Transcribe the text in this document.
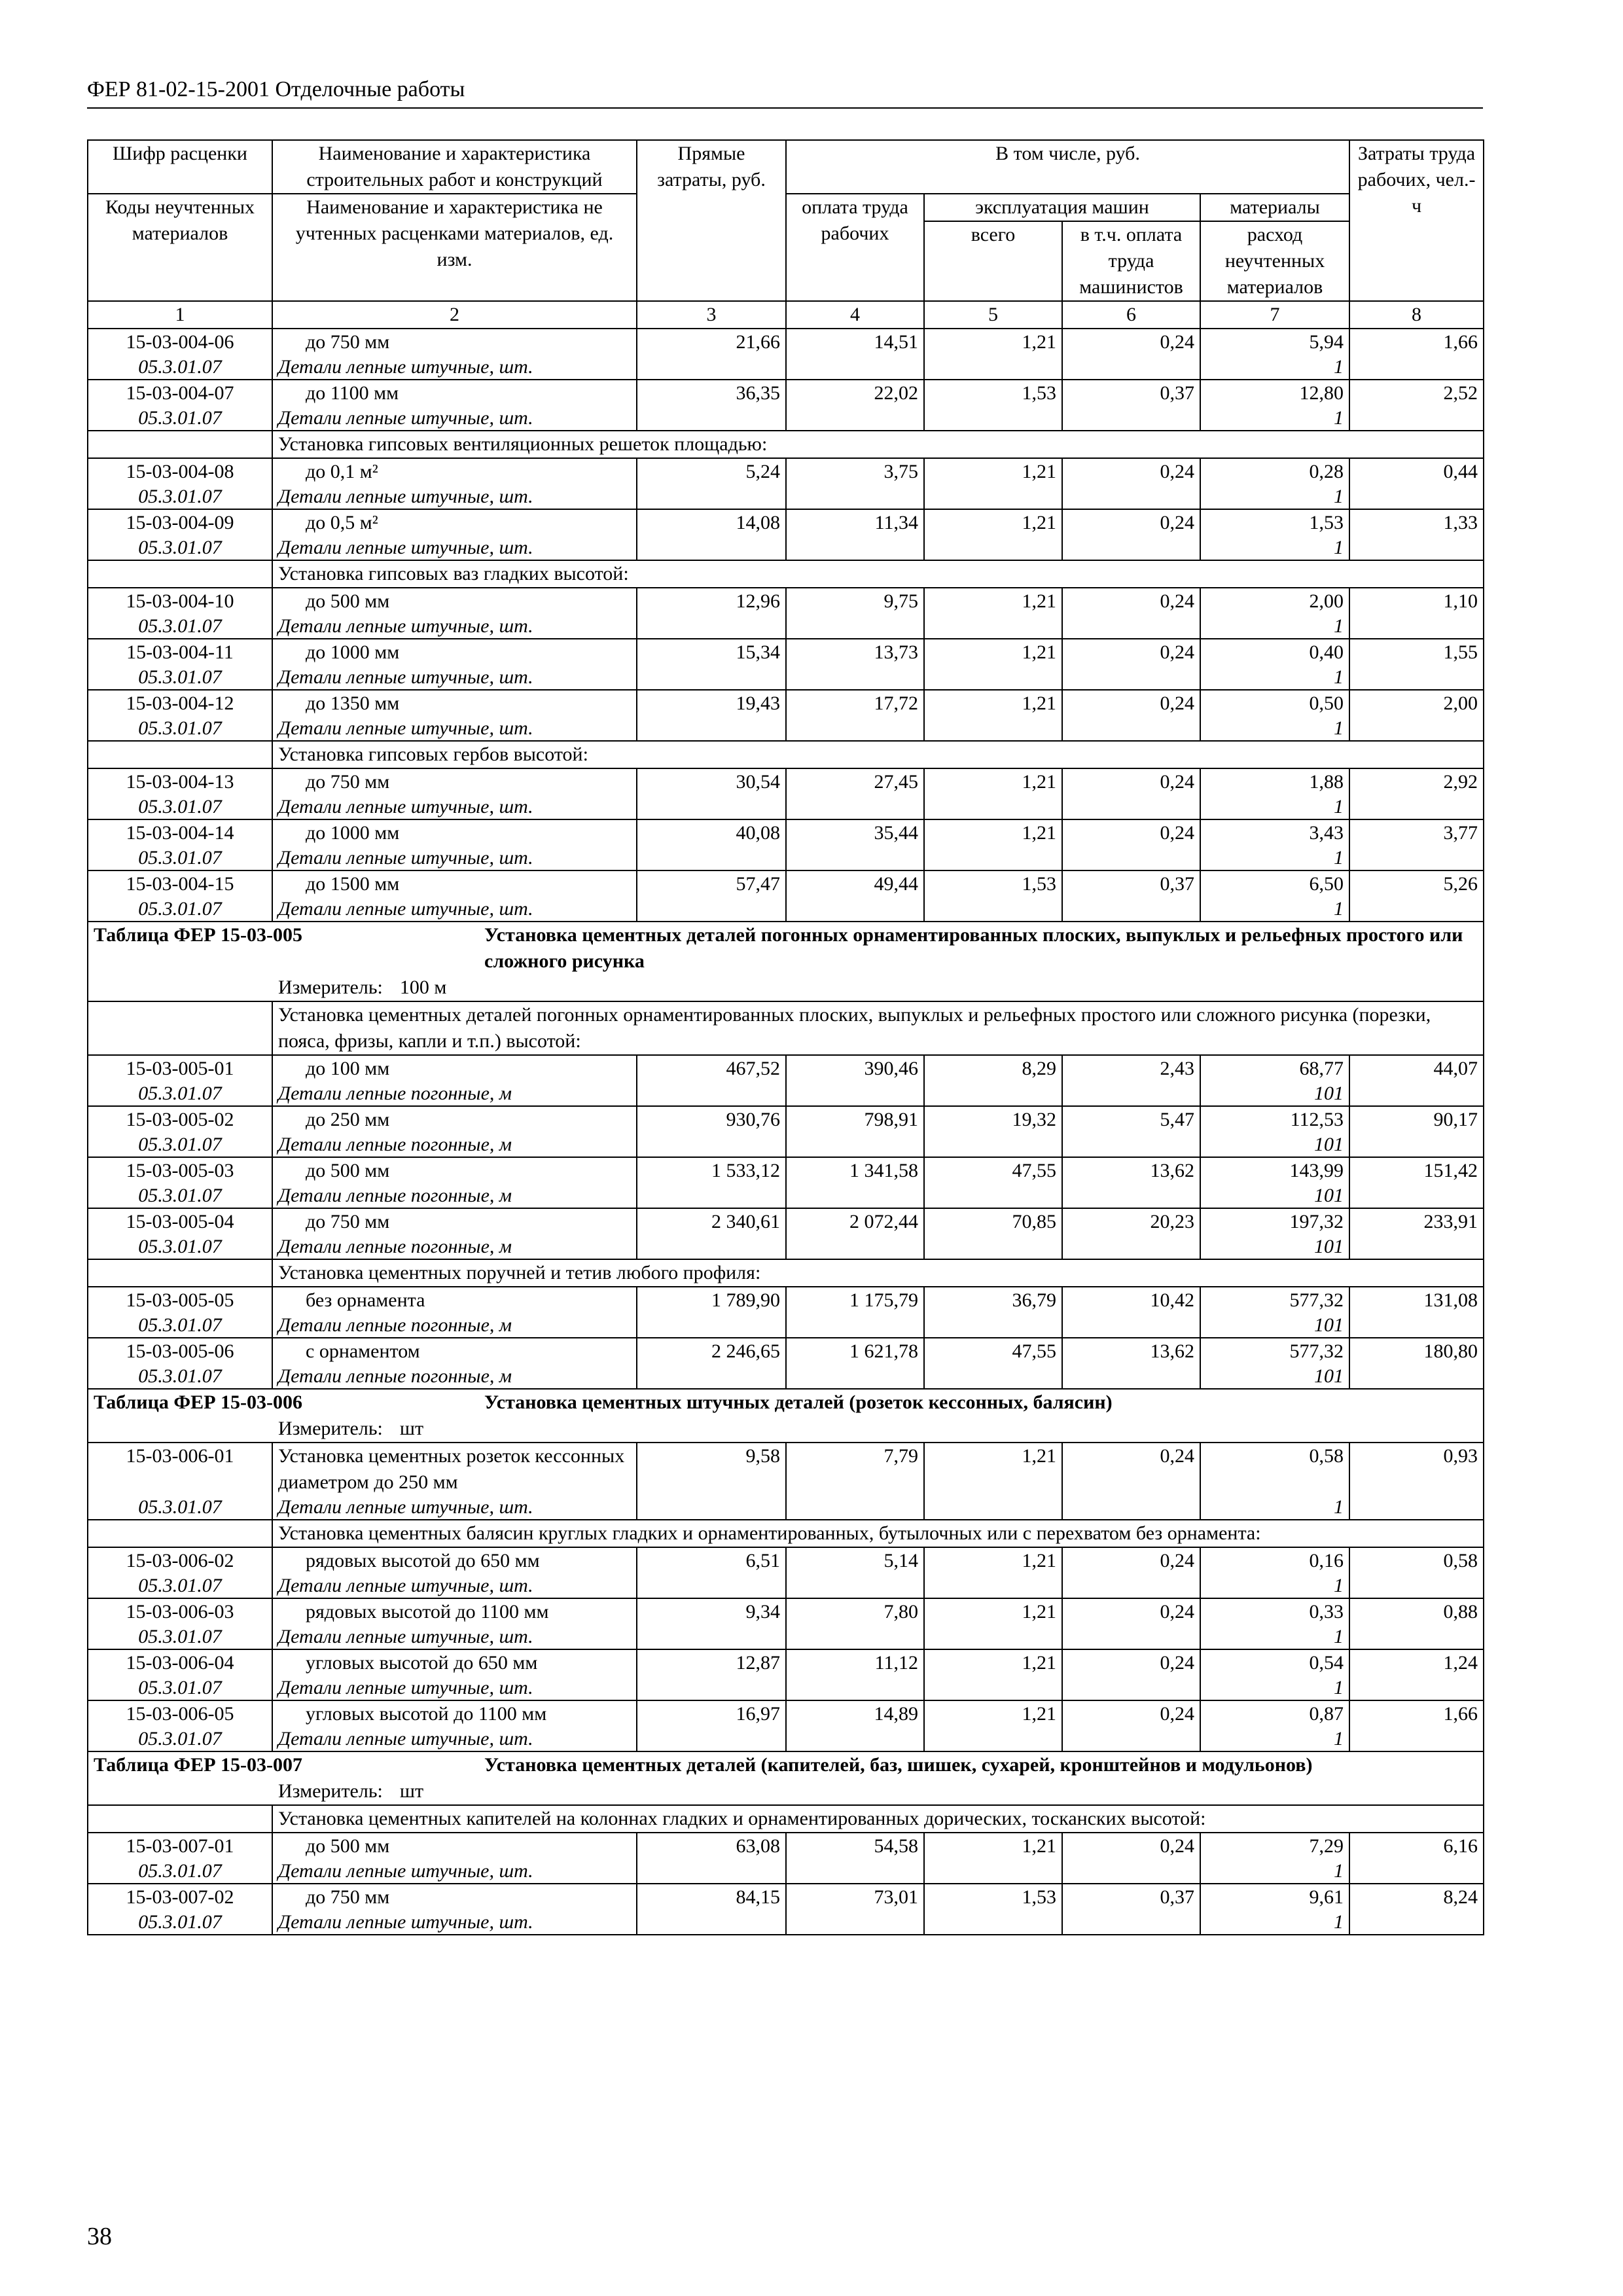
ФЕР 81-02-15-2001 Отделочные работы
Шифр расценки	Наименование и характеристика строительных работ и конструкций	Прямые затраты, руб.	В том числе, руб.				Затраты труда рабочих, чел.-ч
Коды неучтенных материалов	Наименование и характеристика не учтенных расценками материалов, ед. изм.		оплата труда рабочих	эксплуатация машин		материалы	
				всего	в т.ч. оплата труда машинистов	расход неучтенных материалов	

1	2	3	4	5	6	7	8
15-03-004-06	до 750 мм	21,66	14,51	1,21	0,24	5,94	1,66
05.3.01.07	Детали лепные штучные, шт.					1	
15-03-004-07	до 1100 мм	36,35	22,02	1,53	0,37	12,80	2,52
05.3.01.07	Детали лепные штучные, шт.					1	
	Установка гипсовых вентиляционных решеток площадью:						
15-03-004-08	до 0,1 м²	5,24	3,75	1,21	0,24	0,28	0,44
05.3.01.07	Детали лепные штучные, шт.					1	
15-03-004-09	до 0,5 м²	14,08	11,34	1,21	0,24	1,53	1,33
05.3.01.07	Детали лепные штучные, шт.					1	
	Установка гипсовых ваз гладких высотой:						
15-03-004-10	до 500 мм	12,96	9,75	1,21	0,24	2,00	1,10
05.3.01.07	Детали лепные штучные, шт.					1	
15-03-004-11	до 1000 мм	15,34	13,73	1,21	0,24	0,40	1,55
05.3.01.07	Детали лепные штучные, шт.					1	
15-03-004-12	до 1350 мм	19,43	17,72	1,21	0,24	0,50	2,00
05.3.01.07	Детали лепные штучные, шт.					1	
	Установка гипсовых гербов высотой:						
15-03-004-13	до 750 мм	30,54	27,45	1,21	0,24	1,88	2,92
05.3.01.07	Детали лепные штучные, шт.					1	
15-03-004-14	до 1000 мм	40,08	35,44	1,21	0,24	3,43	3,77
05.3.01.07	Детали лепные штучные, шт.					1	
15-03-004-15	до 1500 мм	57,47	49,44	1,53	0,37	6,50	5,26
05.3.01.07	Детали лепные штучные, шт.					1	
Таблица ФЕР 15-03-005 Установка цементных деталей погонных орнаментированных плоских, выпуклых и рельефных простого или сложного рисунка							
Измеритель: 100 м							
	Установка цементных деталей погонных орнаментированных плоских, выпуклых и рельефных простого или сложного рисунка (порезки, пояса, фризы, капли и т.п.) высотой:						
15-03-005-01	до 100 мм	467,52	390,46	8,29	2,43	68,77	44,07
05.3.01.07	Детали лепные погонные, м					101	
15-03-005-02	до 250 мм	930,76	798,91	19,32	5,47	112,53	90,17
05.3.01.07	Детали лепные погонные, м					101	
15-03-005-03	до 500 мм	1 533,12	1 341,58	47,55	13,62	143,99	151,42
05.3.01.07	Детали лепные погонные, м					101	
15-03-005-04	до 750 мм	2 340,61	2 072,44	70,85	20,23	197,32	233,91
05.3.01.07	Детали лепные погонные, м					101	
	Установка цементных поручней и тетив любого профиля:						
15-03-005-05	без орнамента	1 789,90	1 175,79	36,79	10,42	577,32	131,08
05.3.01.07	Детали лепные погонные, м					101	
15-03-005-06	с орнаментом	2 246,65	1 621,78	47,55	13,62	577,32	180,80
05.3.01.07	Детали лепные погонные, м					101	
Таблица ФЕР 15-03-006 Установка цементных штучных деталей (розеток кессонных, балясин)							
Измеритель: шт							
15-03-006-01	Установка цементных розеток кессонных диаметром до 250 мм	9,58	7,79	1,21	0,24	0,58	0,93
05.3.01.07	Детали лепные штучные, шт.					1	
	Установка цементных балясин круглых гладких и орнаментированных, бутылочных или с перехватом без орнамента:						
15-03-006-02	рядовых высотой до 650 мм	6,51	5,14	1,21	0,24	0,16	0,58
05.3.01.07	Детали лепные штучные, шт.					1	
15-03-006-03	рядовых высотой до 1100 мм	9,34	7,80	1,21	0,24	0,33	0,88
05.3.01.07	Детали лепные штучные, шт.					1	
15-03-006-04	угловых высотой до 650 мм	12,87	11,12	1,21	0,24	0,54	1,24
05.3.01.07	Детали лепные штучные, шт.					1	
15-03-006-05	угловых высотой до 1100 мм	16,97	14,89	1,21	0,24	0,87	1,66
05.3.01.07	Детали лепные штучные, шт.					1	
Таблица ФЕР 15-03-007 Установка цементных деталей (капителей, баз, шишек, сухарей, кронштейнов и модульонов)							
Измеритель: шт							
	Установка цементных капителей на колоннах гладких и орнаментированных дорических, тосканских высотой:						
15-03-007-01	до 500 мм	63,08	54,58	1,21	0,24	7,29	6,16
05.3.01.07	Детали лепные штучные, шт.					1	
15-03-007-02	до 750 мм	84,15	73,01	1,53	0,37	9,61	8,24
05.3.01.07	Детали лепные штучные, шт.					1	
38
